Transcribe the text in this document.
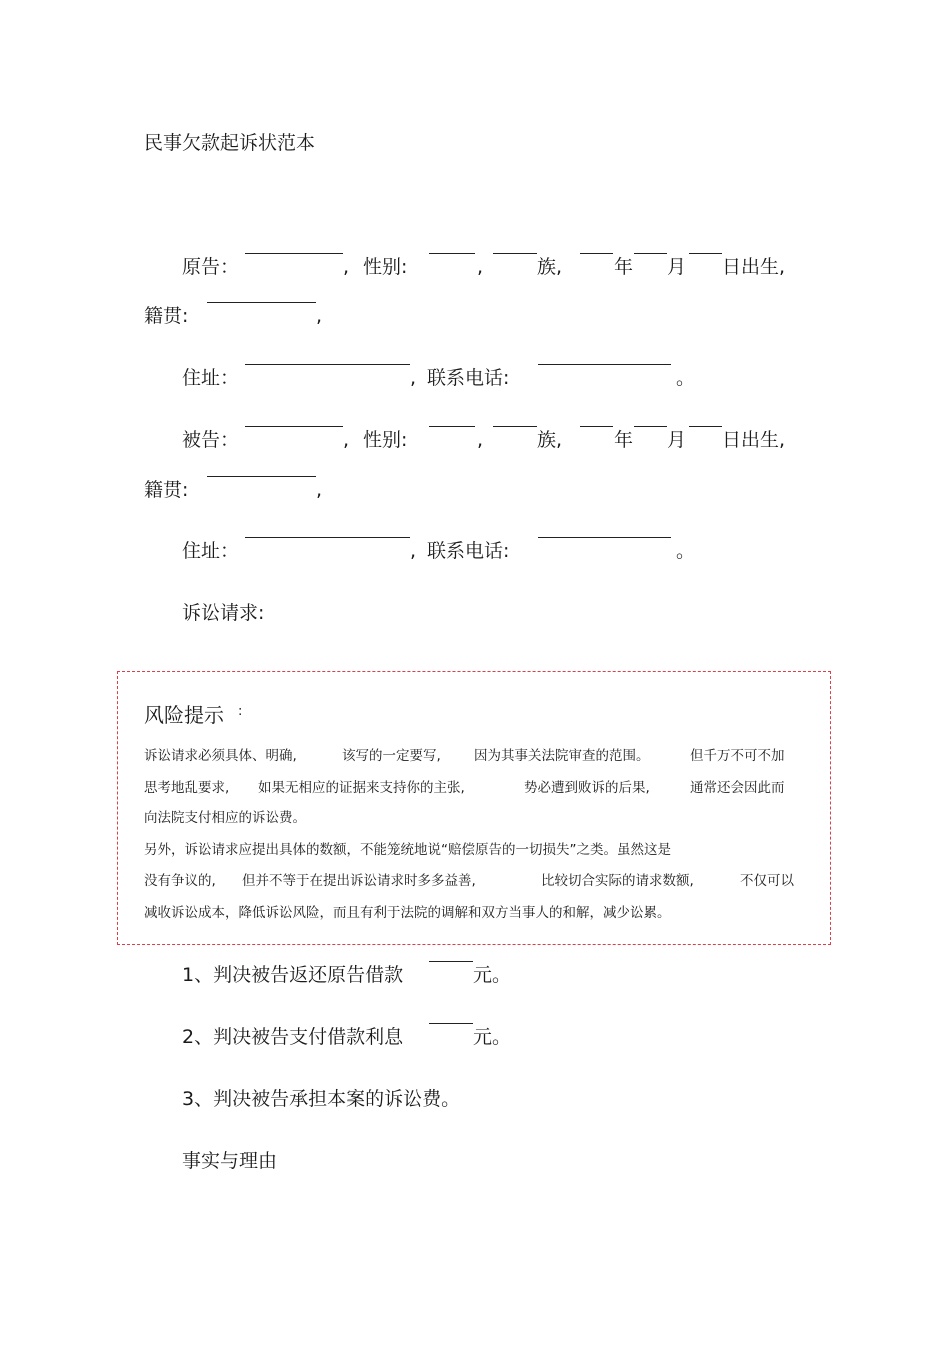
民事欠款起诉状范本
原告：	, 性别:	,	族,	年 月 日出生,
籍贯:	,
住址：	, 联系电话:	。
被告：	, 性别:	,	族,	年 月 日出生,
籍贯:	,
住址：	, 联系电话:	。
诉讼请求:
风险提示 :
诉讼请求必须具体、明确,	该写的一定要写, 因为其事关法院审查的范围。	但千万不可不加
思考地乱要求, 如果无相应的证据来支持你的主张,	势必遭到败诉的后果,	通常还会因此而
向法院支付相应的诉讼费。
另外，诉讼请求应提出具体的数额，不能笼统地说“赔偿原告的一切损失”之类。虽然这是
没有争议的, 但并不等于在提出诉讼请求时多多益善,	比较切合实际的请求数额,	不仅可以
减收诉讼成本，降低诉讼风险，而且有利于法院的调解和双方当事人的和解，减少讼累。
1、判决被告返还原告借款	元。
2、判决被告支付借款利息	元。
3、判决被告承担本案的诉讼费。
事实与理由
